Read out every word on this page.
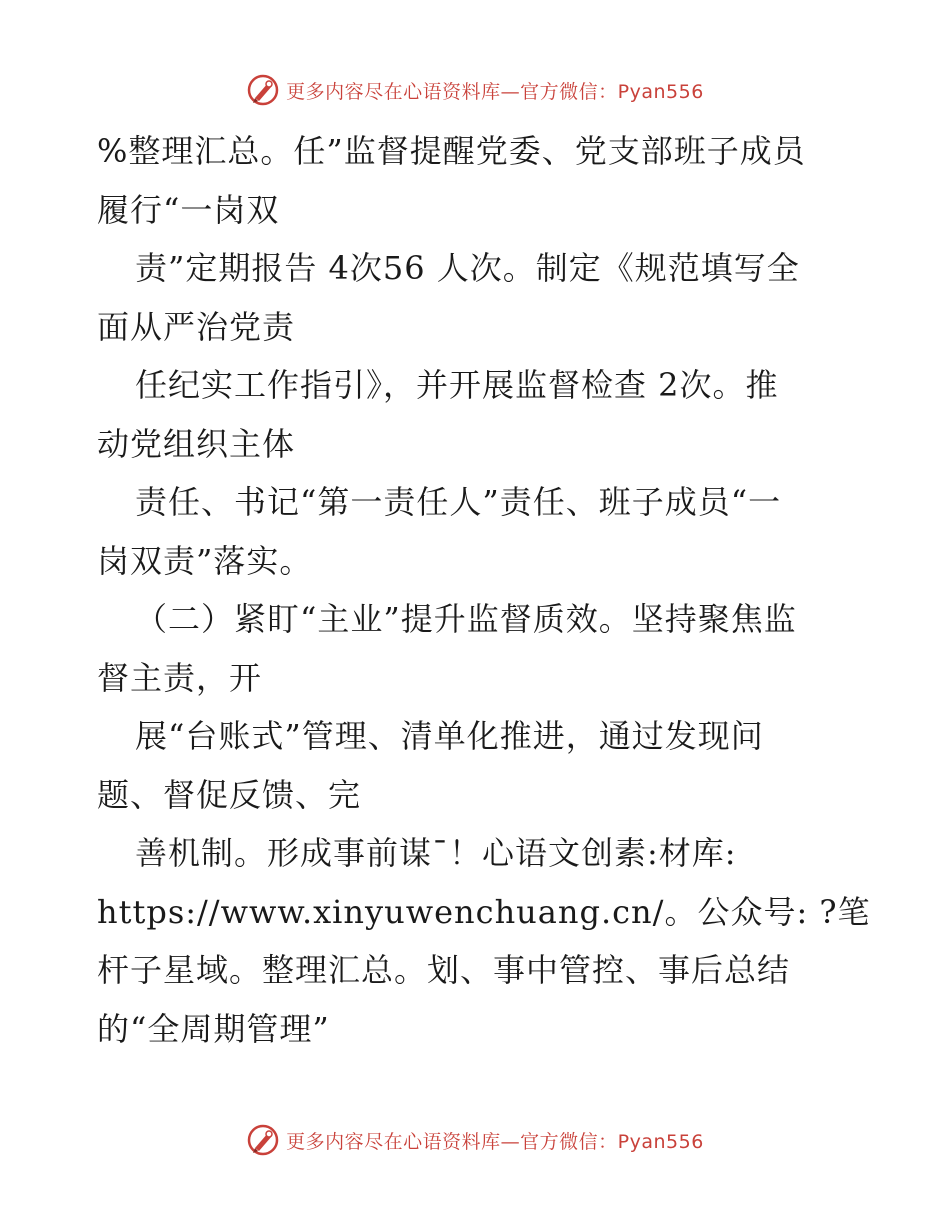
更多内容尽在心语资料库—官方微信：Pyan556
%整理汇总。任”监督提醒党委、党支部班子成员
履行“一岗双
责”定期报告 4次56 人次。制定《规范填写全
面从严治党责
任纪实工作指引》，并开展监督检查 2次。推
动党组织主体
责任、书记“第一责任人”责任、班子成员“一
岗双责”落实。
（二）紧盯“主业”提升监督质效。坚持聚焦监
督主责，开
展“台账式”管理、清单化推进，通过发现问
题、督促反馈、完
善机制。形成事前谋¯！心语文创素:材库:
https://www.xinyuwenchuang.cn/。公众号: ?笔
杆子星域。整理汇总。划、事中管控、事后总结
的“全周期管理”
更多内容尽在心语资料库—官方微信：Pyan556
